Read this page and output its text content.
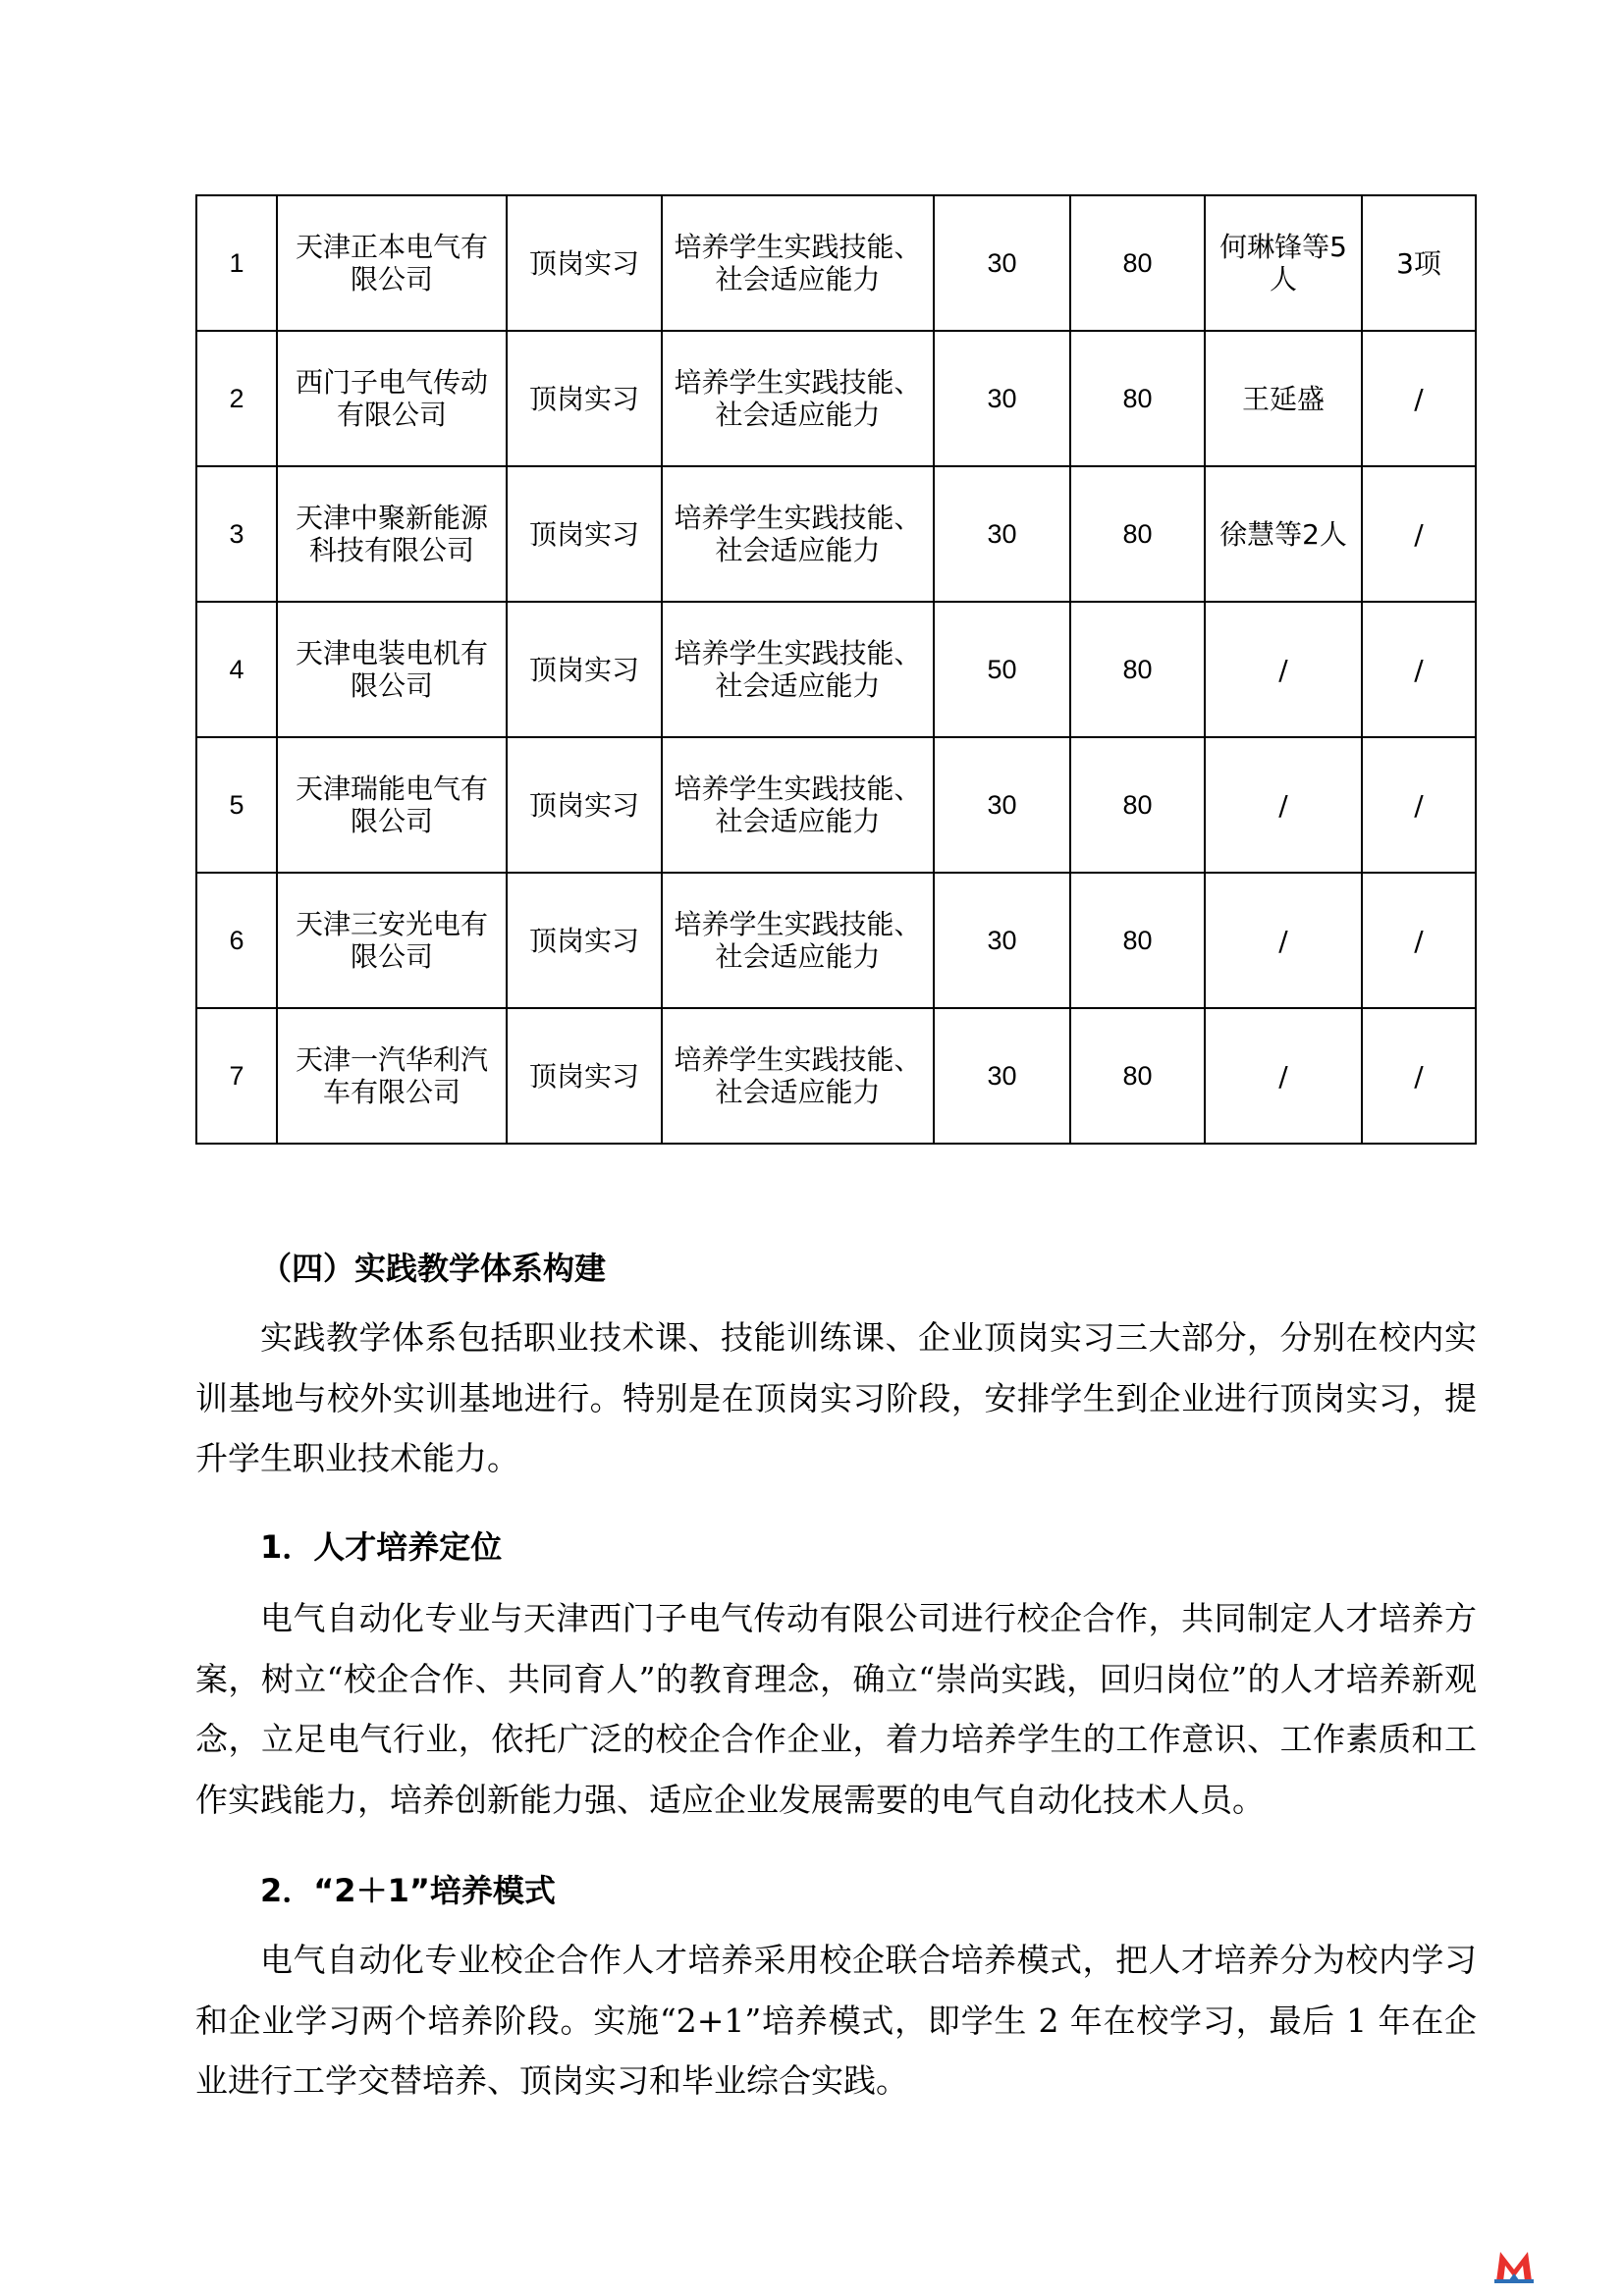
1	天津正本电气有限公司	顶岗实习	培养学生实践技能、社会适应能力	30	80	何琳锋等5人	3项
2	西门子电气传动有限公司	顶岗实习	培养学生实践技能、社会适应能力	30	80	王延盛	/
3	天津中聚新能源科技有限公司	顶岗实习	培养学生实践技能、社会适应能力	30	80	徐慧等2人	/
4	天津电装电机有限公司	顶岗实习	培养学生实践技能、社会适应能力	50	80	/	/
5	天津瑞能电气有限公司	顶岗实习	培养学生实践技能、社会适应能力	30	80	/	/
6	天津三安光电有限公司	顶岗实习	培养学生实践技能、社会适应能力	30	80	/	/
7	天津一汽华利汽车有限公司	顶岗实习	培养学生实践技能、社会适应能力	30	80	/	/
（四）实践教学体系构建

实践教学体系包括职业技术课、技能训练课、企业顶岗实习三大部分，分别在校内实训基地与校外实训基地进行。特别是在顶岗实习阶段，安排学生到企业进行顶岗实习，提升学生职业技术能力。

1．人才培养定位

电气自动化专业与天津西门子电气传动有限公司进行校企合作，共同制定人才培养方案，树立“校企合作、共同育人”的教育理念，确立“崇尚实践，回归岗位”的人才培养新观念，立足电气行业，依托广泛的校企合作企业，着力培养学生的工作意识、工作素质和工作实践能力，培养创新能力强、适应企业发展需要的电气自动化技术人员。

2．“2＋1”培养模式

电气自动化专业校企合作人才培养采用校企联合培养模式，把人才培养分为校内学习和企业学习两个培养阶段。实施“2+1”培养模式，即学生 2 年在校学习，最后 1 年在企业进行工学交替培养、顶岗实习和毕业综合实践。
